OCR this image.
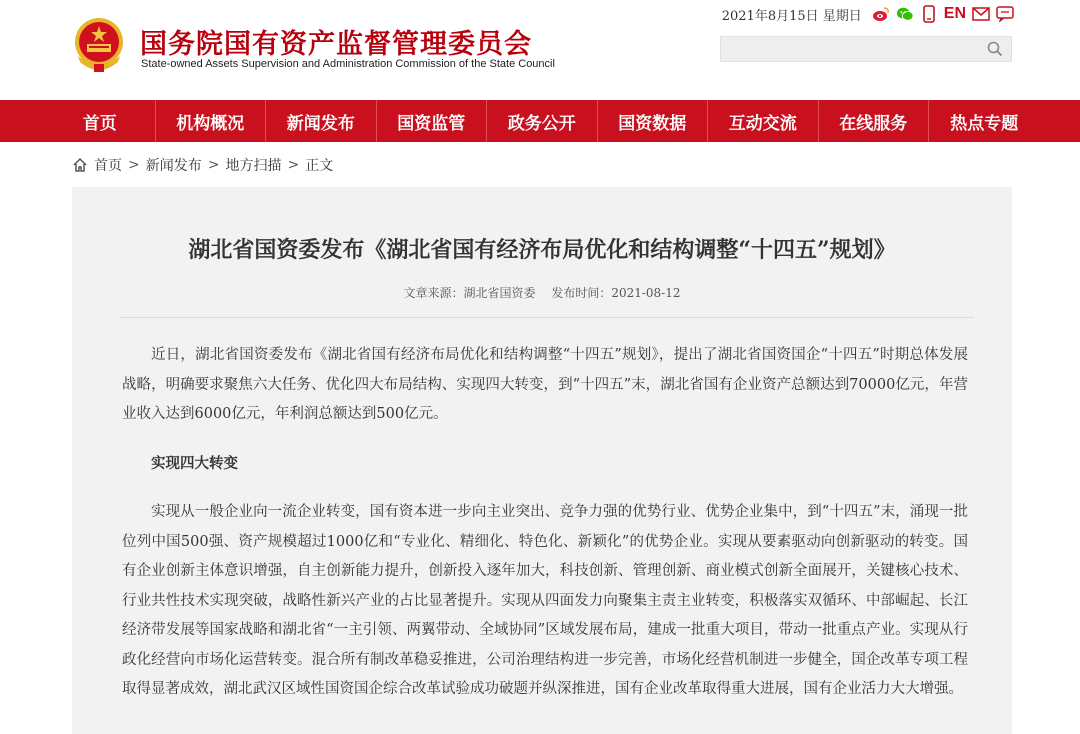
国务院国有资产监督管理委员会
State-owned Assets Supervision and Administration Commission of the State Council
2021年8月15日 星期日	EN
首页	机构概况	新闻发布	国资监管	政务公开	国资数据	互动交流	在线服务	热点专题
首页 > 新闻发布 > 地方扫描 > 正文
湖北省国资委发布《湖北省国有经济布局优化和结构调整“十四五”规划》
文章来源：湖北省国资委 发布时间：2021-08-12

近日，湖北省国资委发布《湖北省国有经济布局优化和结构调整“十四五”规划》，提出了湖北省国资国企“十四五”时期总体发展战略，明确要求聚焦六大任务、优化四大布局结构、实现四大转变，到“十四五”末，湖北省国有企业资产总额达到70000亿元，年营业收入达到6000亿元，年利润总额达到500亿元。

实现四大转变

实现从一般企业向一流企业转变，国有资本进一步向主业突出、竞争力强的优势行业、优势企业集中，到“十四五”末，涌现一批位列中国500强、资产规模超过1000亿和“专业化、精细化、特色化、新颖化”的优势企业。实现从要素驱动向创新驱动的转变。国有企业创新主体意识增强，自主创新能力提升，创新投入逐年加大，科技创新、管理创新、商业模式创新全面展开，关键核心技术、行业共性技术实现突破，战略性新兴产业的占比显著提升。实现从四面发力向聚集主责主业转变，积极落实双循环、中部崛起、长江经济带发展等国家战略和湖北省“一主引领、两翼带动、全域协同”区域发展布局，建成一批重大项目，带动一批重点产业。实现从行政化经营向市场化运营转变。混合所有制改革稳妥推进，公司治理结构进一步完善，市场化经营机制进一步健全，国企改革专项工程取得显著成效，湖北武汉区域性国资国企综合改革试验成功破题并纵深推进，国有企业改革取得重大进展，国有企业活力大大增强。
